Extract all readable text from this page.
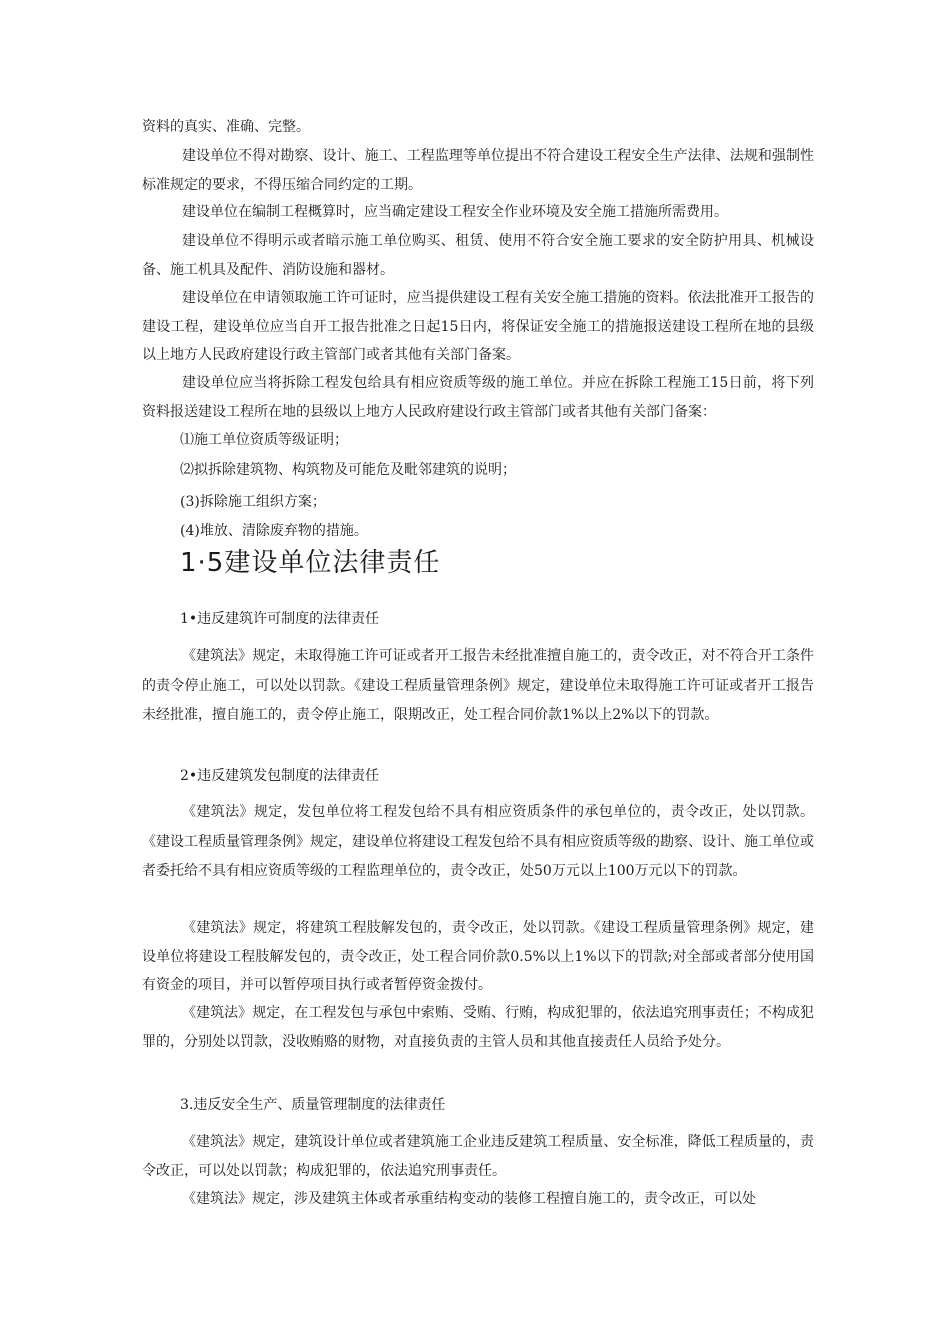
资料的真实、准确、完整。

建设单位不得对勘察、设计、施工、工程监理等单位提出不符合建设工程安全生产法律、法规和强制性标准规定的要求，不得压缩合同约定的工期。

建设单位在编制工程概算时，应当确定建设工程安全作业环境及安全施工措施所需费用。

建设单位不得明示或者暗示施工单位购买、租赁、使用不符合安全施工要求的安全防护用具、机械设备、施工机具及配件、消防设施和器材。

建设单位在申请领取施工许可证时，应当提供建设工程有关安全施工措施的资料。依法批准开工报告的建设工程，建设单位应当自开工报告批准之日起15日内，将保证安全施工的措施报送建设工程所在地的县级以上地方人民政府建设行政主管部门或者其他有关部门备案。

建设单位应当将拆除工程发包给具有相应资质等级的施工单位。并应在拆除工程施工15日前，将下列资料报送建设工程所在地的县级以上地方人民政府建设行政主管部门或者其他有关部门备案：

⑴施工单位资质等级证明；

⑵拟拆除建筑物、构筑物及可能危及毗邻建筑的说明；

(3)拆除施工组织方案；

(4)堆放、清除废弃物的措施。

1·5建设单位法律责任

1•违反建筑许可制度的法律责任

《建筑法》规定，未取得施工许可证或者开工报告未经批准擅自施工的，责令改正，对不符合开工条件的责令停止施工，可以处以罚款。《建设工程质量管理条例》规定，建设单位未取得施工许可证或者开工报告未经批准，擅自施工的，责令停止施工，限期改正，处工程合同价款1%以上2%以下的罚款。

2•违反建筑发包制度的法律责任

《建筑法》规定，发包单位将工程发包给不具有相应资质条件的承包单位的，责令改正，处以罚款。《建设工程质量管理条例》规定，建设单位将建设工程发包给不具有相应资质等级的勘察、设计、施工单位或者委托给不具有相应资质等级的工程监理单位的，责令改正，处50万元以上100万元以下的罚款。

《建筑法》规定，将建筑工程肢解发包的，责令改正，处以罚款。《建设工程质量管理条例》规定，建设单位将建设工程肢解发包的，责令改正，处工程合同价款0.5%以上1%以下的罚款;对全部或者部分使用国有资金的项目，并可以暂停项目执行或者暂停资金拨付。

《建筑法》规定，在工程发包与承包中索贿、受贿、行贿，构成犯罪的，依法追究刑事责任；不构成犯罪的，分别处以罚款，没收贿赂的财物，对直接负责的主管人员和其他直接责任人员给予处分。

3.违反安全生产、质量管理制度的法律责任

《建筑法》规定，建筑设计单位或者建筑施工企业违反建筑工程质量、安全标准，降低工程质量的，责令改正，可以处以罚款；构成犯罪的，依法追究刑事责任。

《建筑法》规定，涉及建筑主体或者承重结构变动的装修工程擅自施工的，责令改正，可以处
